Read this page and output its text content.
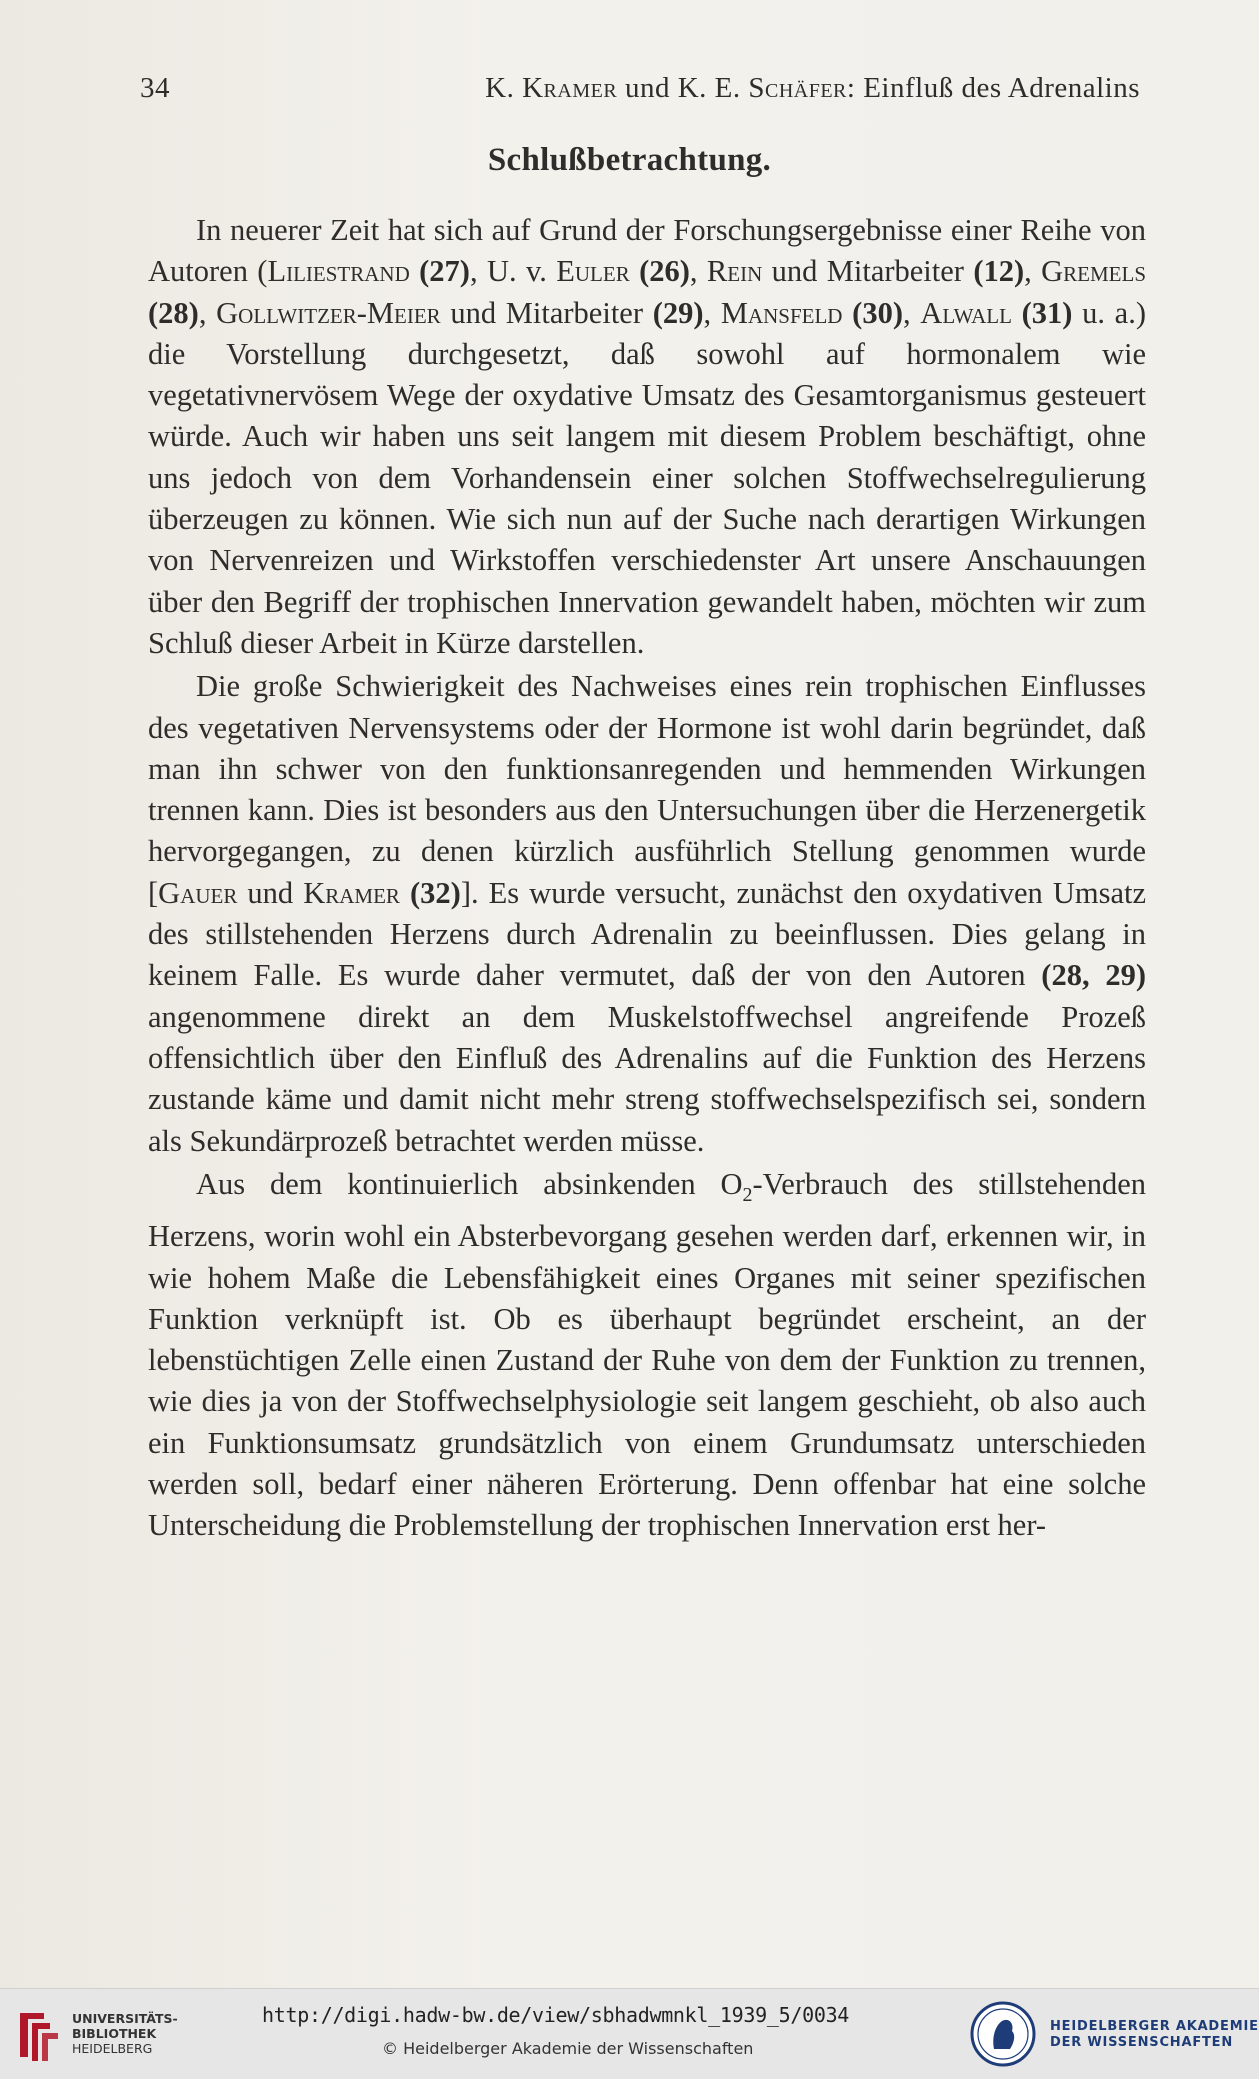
34	K. Kramer und K. E. Schäfer: Einfluß des Adrenalins
Schlußbetrachtung.

In neuerer Zeit hat sich auf Grund der Forschungsergebnisse einer Reihe von Autoren (Liliestrand (27), U. v. Euler (26), Rein und Mitarbeiter (12), Gremels (28), Gollwitzer-Meier und Mitarbeiter (29), Mansfeld (30), Alwall (31) u. a.) die Vorstellung durchgesetzt, daß sowohl auf hormonalem wie vegetativnervösem Wege der oxydative Umsatz des Gesamtorganismus gesteuert würde. Auch wir haben uns seit langem mit diesem Problem beschäftigt, ohne uns jedoch von dem Vorhandensein einer solchen Stoffwechselregulierung überzeugen zu können. Wie sich nun auf der Suche nach derartigen Wirkungen von Nervenreizen und Wirkstoffen verschiedenster Art unsere Anschauungen über den Begriff der trophischen Innervation gewandelt haben, möchten wir zum Schluß dieser Arbeit in Kürze darstellen.

Die große Schwierigkeit des Nachweises eines rein trophischen Einflusses des vegetativen Nervensystems oder der Hormone ist wohl darin begründet, daß man ihn schwer von den funktionsanregenden und hemmenden Wirkungen trennen kann. Dies ist besonders aus den Untersuchungen über die Herzenergetik hervorgegangen, zu denen kürzlich ausführlich Stellung genommen wurde [Gauer und Kramer (32)]. Es wurde versucht, zunächst den oxydativen Umsatz des stillstehenden Herzens durch Adrenalin zu beeinflussen. Dies gelang in keinem Falle. Es wurde daher vermutet, daß der von den Autoren (28, 29) angenommene direkt an dem Muskelstoffwechsel angreifende Prozeß offensichtlich über den Einfluß des Adrenalins auf die Funktion des Herzens zustande käme und damit nicht mehr streng stoffwechselspezifisch sei, sondern als Sekundärprozeß betrachtet werden müsse.

Aus dem kontinuierlich absinkenden $O_2$-Verbrauch des stillstehenden Herzens, worin wohl ein Absterbevorgang gesehen werden darf, erkennen wir, in wie hohem Maße die Lebensfähigkeit eines Organes mit seiner spezifischen Funktion verknüpft ist. Ob es überhaupt begründet erscheint, an der lebenstüchtigen Zelle einen Zustand der Ruhe von dem der Funktion zu trennen, wie dies ja von der Stoffwechselphysiologie seit langem geschieht, ob also auch ein Funktionsumsatz grundsätzlich von einem Grundumsatz unterschieden werden soll, bedarf einer näheren Erörterung. Denn offenbar hat eine solche Unterscheidung die Problemstellung der trophischen Innervation erst her-

UNIVERSITÄTS-
BIBLIOTHEK
HEIDELBERG
http://digi.hadw-bw.de/view/sbhadwmnkl_1939_5/0034
© Heidelberger Akademie der Wissenschaften
HEIDELBERGER AKADEMIE
DER WISSENSCHAFTEN
